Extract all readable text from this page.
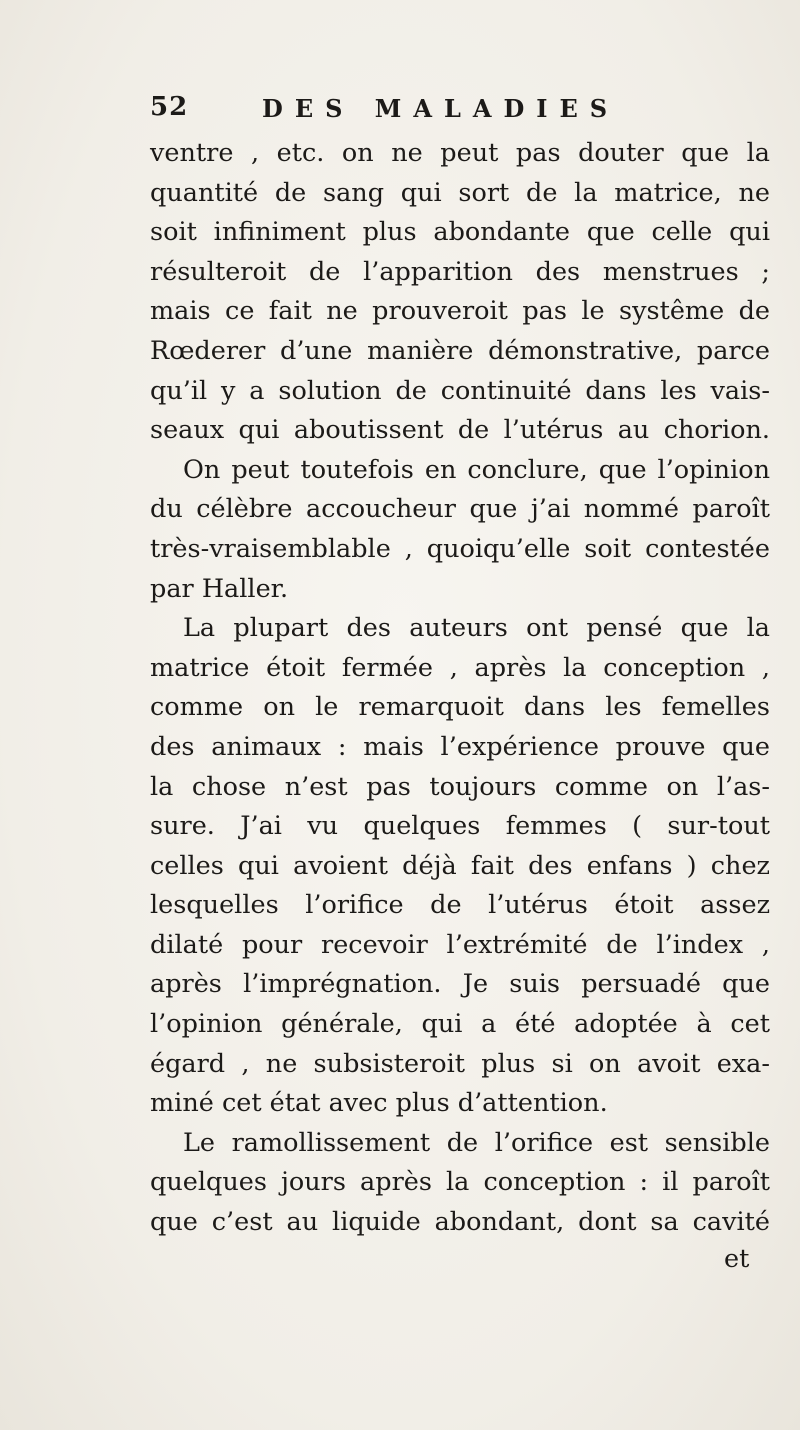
52	DES MALADIES
ventre , etc. on ne peut pas douter que la
quantité de sang qui sort de la matrice, ne
soit infiniment plus abondante que celle qui
résulteroit de l’apparition des menstrues ;
mais ce fait ne prouveroit pas le systême de
Rœderer d’une manière démonstrative, parce
qu’il y a solution de continuité dans les vais-
seaux qui aboutissent de l’utérus au chorion.
On peut toutefois en conclure, que l’opinion
du célèbre accoucheur que j’ai nommé paroît
très-vraisemblable , quoiqu’elle soit contestée
par Haller.
La plupart des auteurs ont pensé que la
matrice étoit fermée , après la conception ,
comme on le remarquoit dans les femelles
des animaux : mais l’expérience prouve que
la chose n’est pas toujours comme on l’as-
sure. J’ai vu quelques femmes ( sur-tout
celles qui avoient déjà fait des enfans ) chez
lesquelles l’orifice de l’utérus étoit assez
dilaté pour recevoir l’extrémité de l’index ,
après l’imprégnation. Je suis persuadé que
l’opinion générale, qui a été adoptée à cet
égard , ne subsisteroit plus si on avoit exa-
miné cet état avec plus d’attention.
Le ramollissement de l’orifice est sensible
quelques jours après la conception : il paroît
que c’est au liquide abondant, dont sa cavité
et
